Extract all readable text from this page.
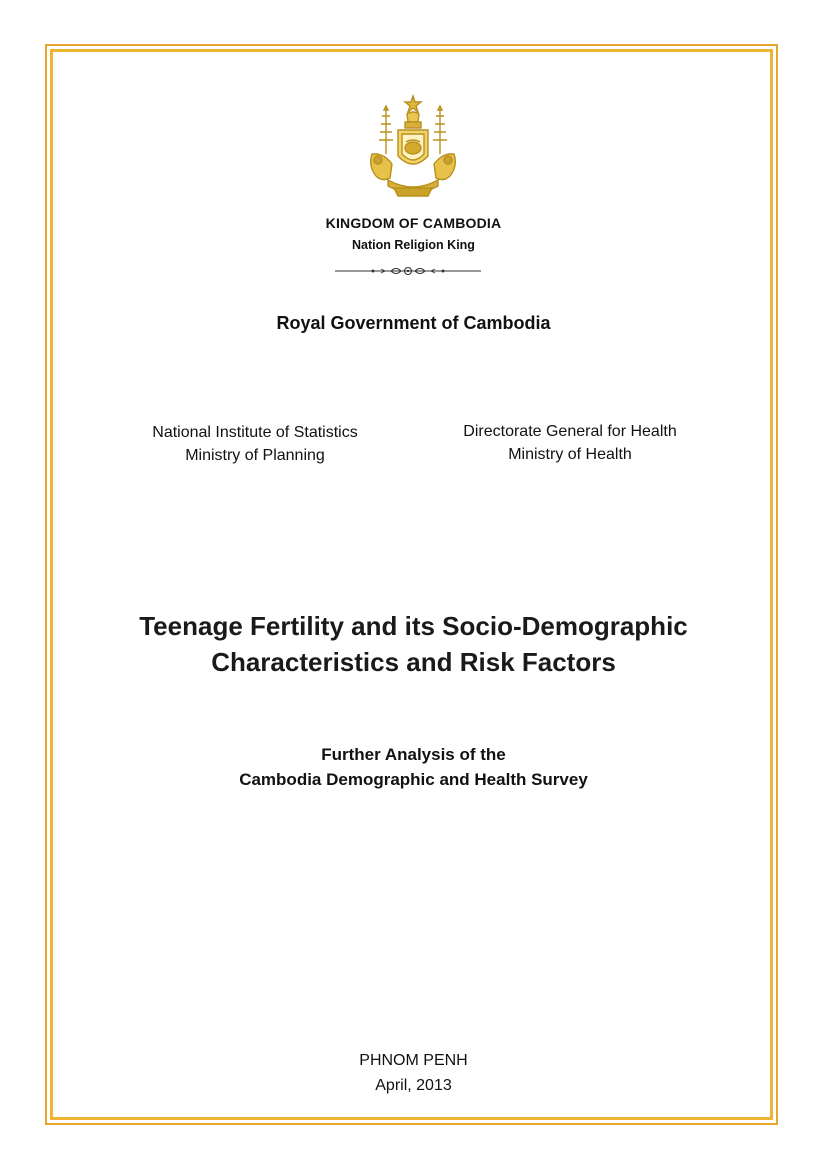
KINGDOM OF CAMBODIA
Nation Religion King
Royal Government of Cambodia
National Institute of Statistics
Ministry of Planning
Directorate General for Health
Ministry of Health
Teenage Fertility and its Socio-Demographic
Characteristics and Risk Factors
Further Analysis of the
Cambodia Demographic and Health Survey
PHNOM PENH
April, 2013
